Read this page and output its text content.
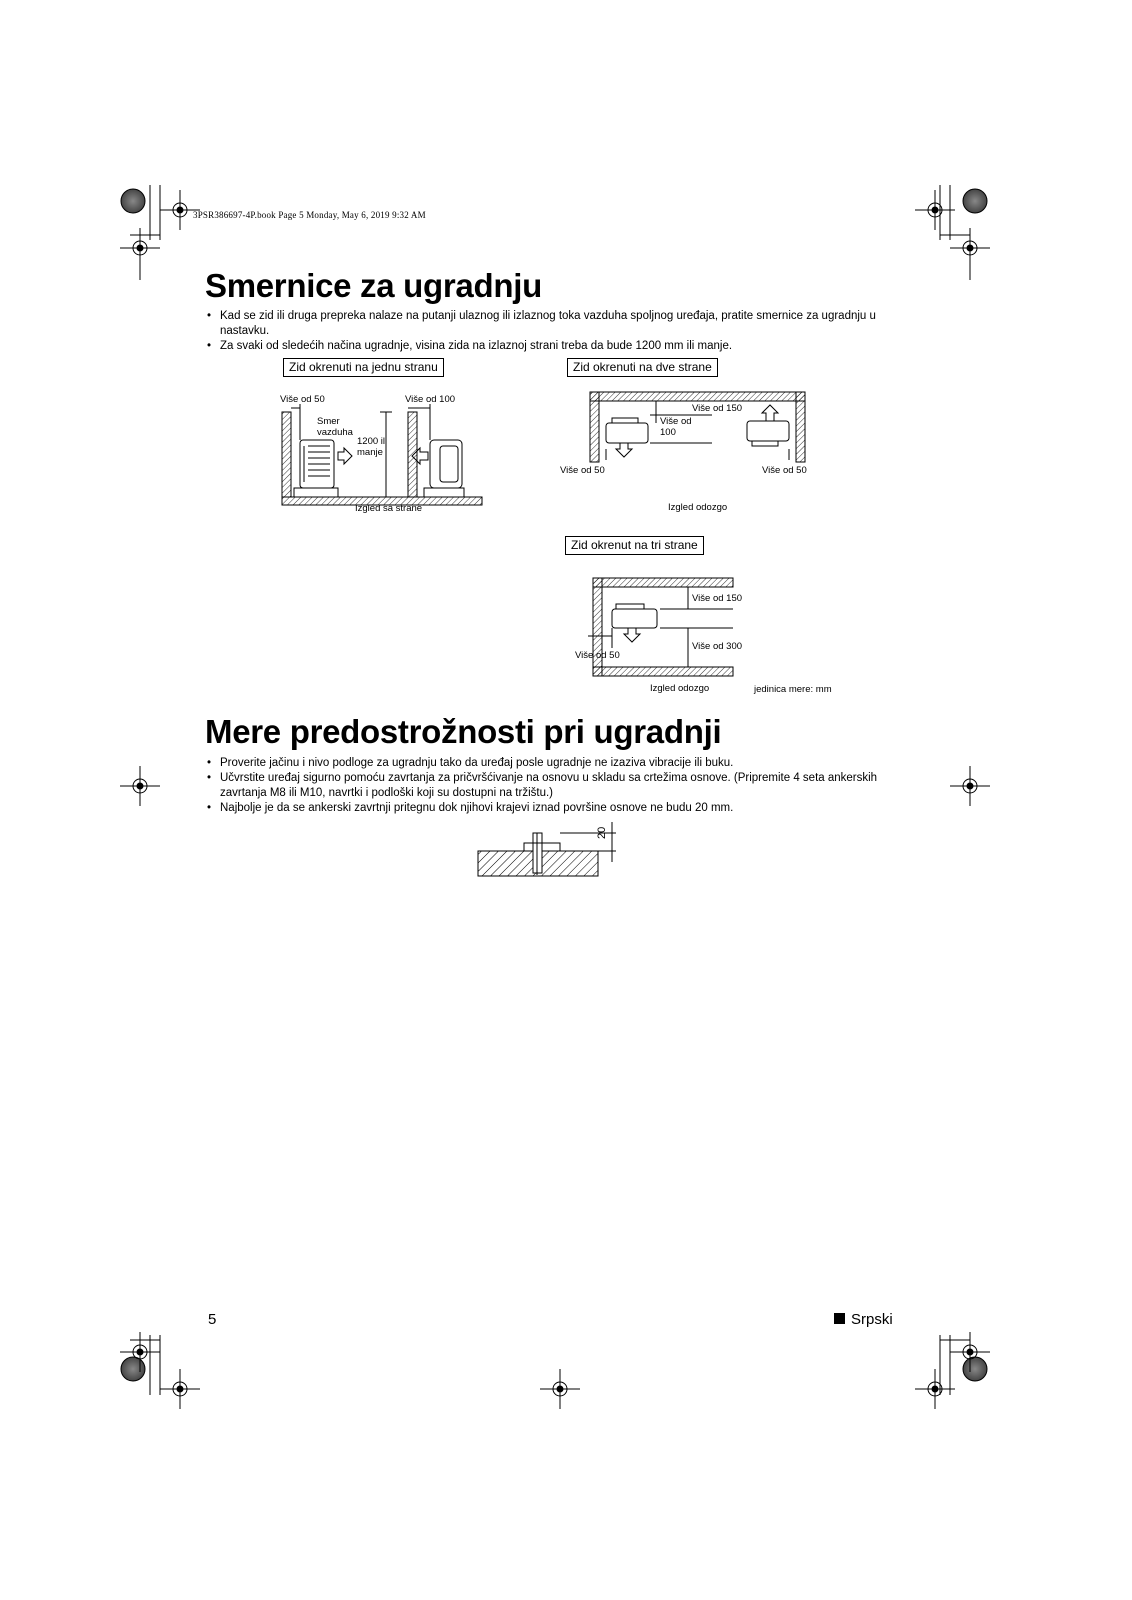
3PSR386697-4P.book Page 5 Monday, May 6, 2019 9:32 AM
Smernice za ugradnju
• Kad se zid ili druga prepreka nalaze na putanji ulaznog ili izlaznog toka vazduha spoljnog uređaja, pratite smernice za ugradnju u nastavku.
• Za svaki od sledećih načina ugradnje, visina zida na izlaznoj strani treba da bude 1200 mm ili manje.
Zid okrenuti na jednu stranu
Više od 50	Više od 100
Smer vazduha
1200 ili manje
Izgled sa strane
Zid okrenuti na dve strane
Više od 150
Više od 100
Više od 50	Više od 50
Izgled odozgo
Zid okrenut na tri strane
Više od 150
Više od 300
Više od 50
Izgled odozgo	jedinica mere: mm
Mere predostrožnosti pri ugradnji
• Proverite jačinu i nivo podloge za ugradnju tako da uređaj posle ugradnje ne izaziva vibracije ili buku.
• Učvrstite uređaj sigurno pomoću zavrtanja za pričvršćivanje na osnovu u skladu sa crtežima osnove. (Pripremite 4 seta ankerskih zavrtanja M8 ili M10, navrtki i podloški koji su dostupni na tržištu.)
• Najbolje je da se ankerski zavrtnji pritegnu dok njihovi krajevi iznad površine osnove ne budu 20 mm.
20
5	Srpski
